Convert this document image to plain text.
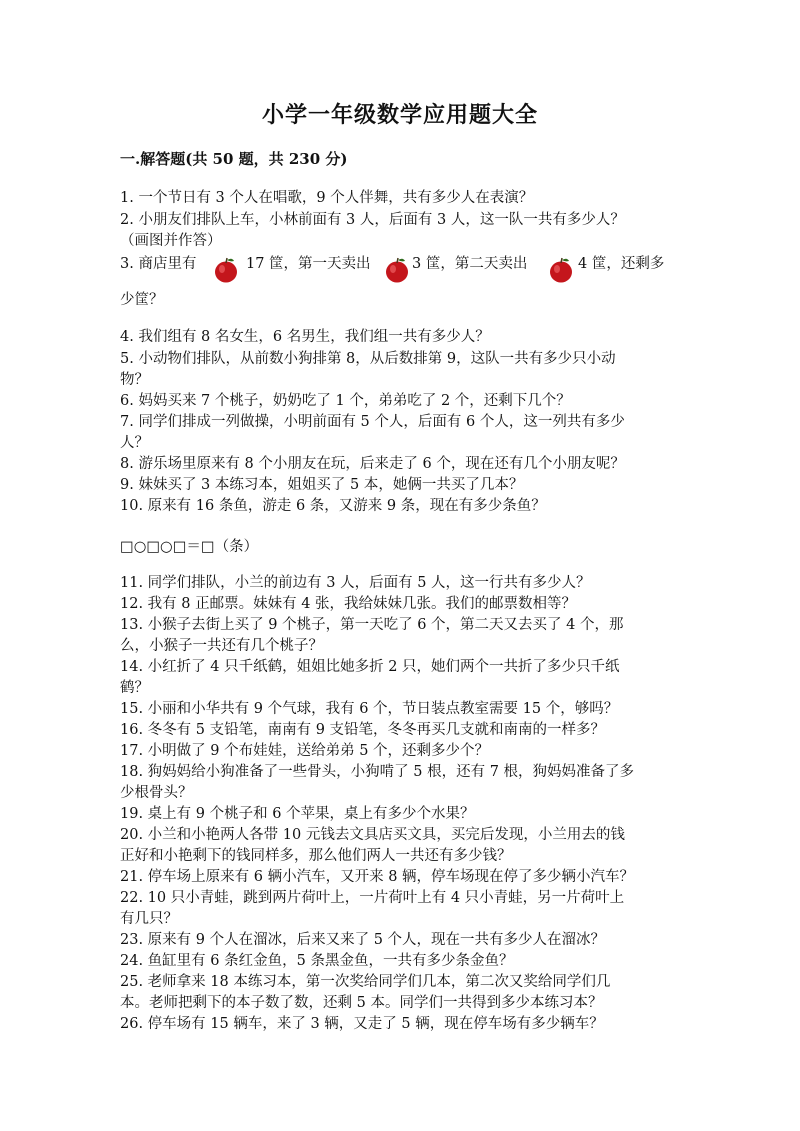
小学一年级数学应用题大全
一.解答题(共 50 题，共 230 分)
1. 一个节日有 3 个人在唱歌，9 个人伴舞，共有多少人在表演？
2. 小朋友们排队上车，小林前面有 3 人，后面有 3 人，这一队一共有多少人？
（画图并作答）
3. 商店里有	17 筐，第一天卖出	3 筐，第二天卖出	4 筐，还剩多
少筐？
4. 我们组有 8 名女生，6 名男生，我们组一共有多少人？
5. 小动物们排队，从前数小狗排第 8，从后数排第 9，这队一共有多少只小动
物？
6. 妈妈买来 7 个桃子，奶奶吃了 1 个，弟弟吃了 2 个，还剩下几个？
7. 同学们排成一列做操，小明前面有 5 个人，后面有 6 个人，这一列共有多少
人？
8. 游乐场里原来有 8 个小朋友在玩，后来走了 6 个，现在还有几个小朋友呢？
9. 妹妹买了 3 本练习本，姐姐买了 5 本，她俩一共买了几本？
10. 原来有 16 条鱼，游走 6 条，又游来 9 条，现在有多少条鱼？
□○□○□＝□（条）
11. 同学们排队，小兰的前边有 3 人，后面有 5 人，这一行共有多少人？
12. 我有 8 正邮票。妹妹有 4 张，我给妹妹几张。我们的邮票数相等？
13. 小猴子去街上买了 9 个桃子，第一天吃了 6 个，第二天又去买了 4 个，那
么，小猴子一共还有几个桃子？
14. 小红折了 4 只千纸鹤，姐姐比她多折 2 只，她们两个一共折了多少只千纸
鹤？
15. 小丽和小华共有 9 个气球，我有 6 个，节日装点教室需要 15 个，够吗？
16. 冬冬有 5 支铅笔，南南有 9 支铅笔，冬冬再买几支就和南南的一样多？
17. 小明做了 9 个布娃娃，送给弟弟 5 个，还剩多少个？
18. 狗妈妈给小狗准备了一些骨头，小狗啃了 5 根，还有 7 根，狗妈妈准备了多
少根骨头？
19. 桌上有 9 个桃子和 6 个苹果，桌上有多少个水果？
20. 小兰和小艳两人各带 10 元钱去文具店买文具，买完后发现，小兰用去的钱
正好和小艳剩下的钱同样多，那么他们两人一共还有多少钱？
21. 停车场上原来有 6 辆小汽车，又开来 8 辆，停车场现在停了多少辆小汽车？
22. 10 只小青蛙，跳到两片荷叶上，一片荷叶上有 4 只小青蛙，另一片荷叶上
有几只？
23. 原来有 9 个人在溜冰，后来又来了 5 个人，现在一共有多少人在溜冰？
24. 鱼缸里有 6 条红金鱼，5 条黑金鱼，一共有多少条金鱼？
25. 老师拿来 18 本练习本，第一次奖给同学们几本，第二次又奖给同学们几
本。老师把剩下的本子数了数，还剩 5 本。同学们一共得到多少本练习本？
26. 停车场有 15 辆车，来了 3 辆，又走了 5 辆，现在停车场有多少辆车？
